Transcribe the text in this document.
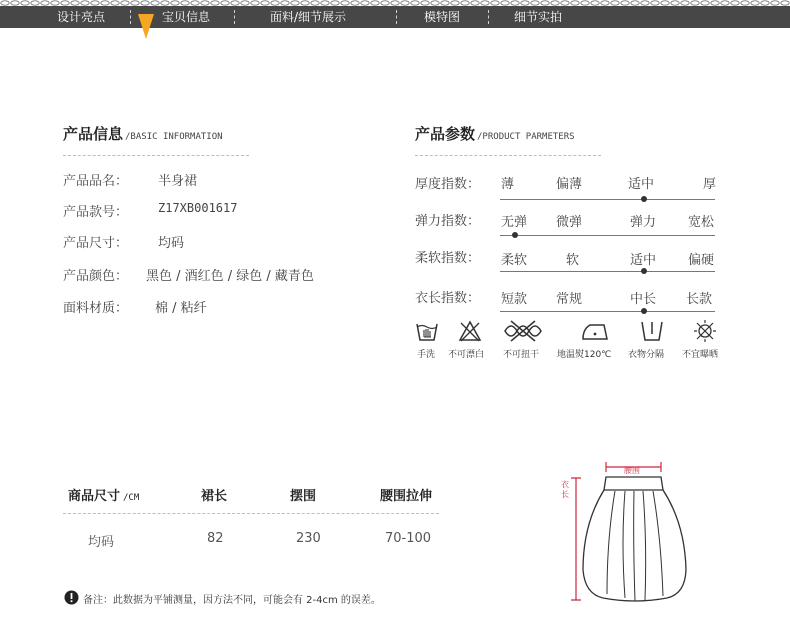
设计亮点	宝贝信息	面料/细节展示	模特图	细节实拍
产品信息 /BASIC INFORMATION
产品品名： 半身裙
产品款号： Z17XB001617
产品尺寸： 均码
产品颜色： 黑色 / 酒红色 / 绿色 / 藏青色
面料材质： 棉 / 粘纤
产品参数 /PRODUCT PARMETERS
厚度指数： 薄	偏薄	适中	厚
弹力指数： 无弹 微弹	弹力 宽松
柔软指数： 柔软	软	适中 偏硬
衣长指数： 短款 常规	中长 长款
手洗 不可漂白 不可扭干 地温熨120℃ 衣物分隔 不宜曝晒
商品尺寸 /CM	裙长	摆围	腰围拉伸
均码	82	230	70-100
腰围
衣长
备注：此数据为平铺测量，因方法不同，可能会有 2-4cm 的误差。
